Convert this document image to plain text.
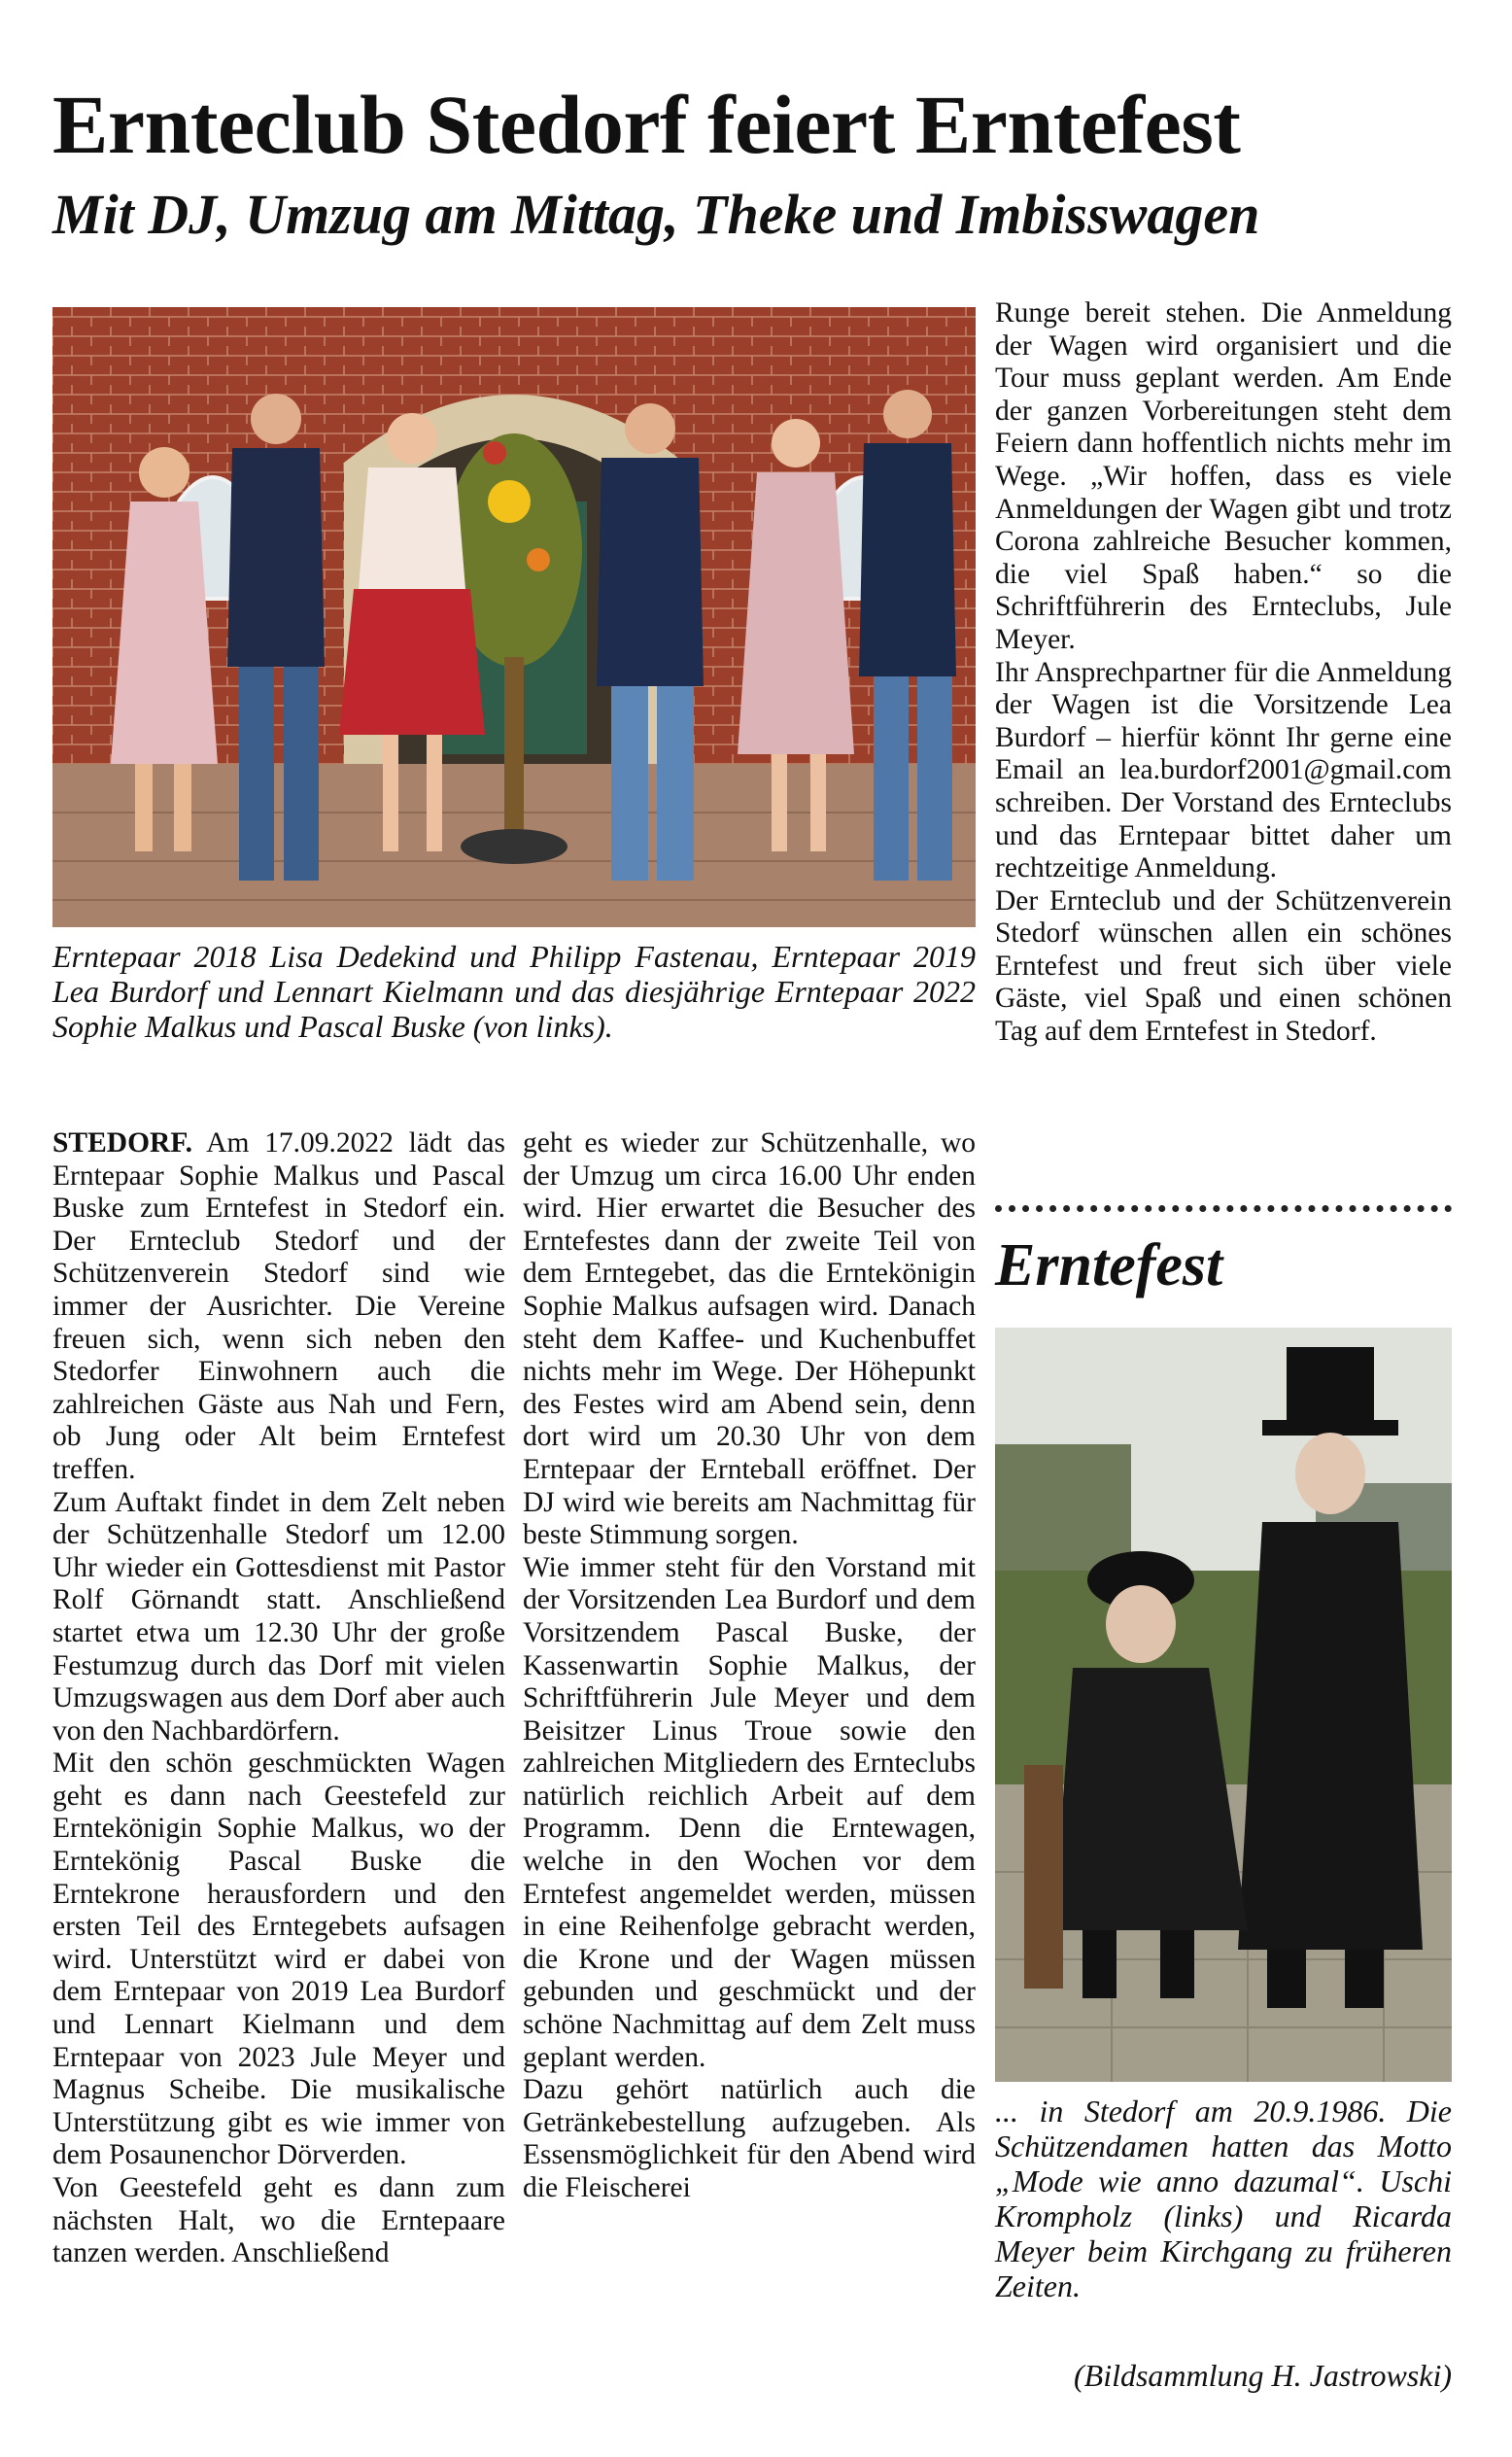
Ernteclub Stedorf feiert Erntefest
Mit DJ, Umzug am Mittag, Theke und Imbisswagen
Erntepaar 2018 Lisa Dedekind und Philipp Fastenau, Erntepaar 2019 Lea Burdorf und Lennart Kielmann und das diesjährige Erntepaar 2022 Sophie Malkus und Pascal Buske (von links).

STEDORF. Am 17.09.2022 lädt das Erntepaar Sophie Malkus und Pascal Buske zum Erntefest in Stedorf ein. Der Ernteclub Stedorf und der Schützenverein Stedorf sind wie immer der Ausrichter. Die Vereine freuen sich, wenn sich neben den Stedorfer Einwohnern auch die zahlreichen Gäste aus Nah und Fern, ob Jung oder Alt beim Erntefest treffen.

Zum Auftakt findet in dem Zelt neben der Schützenhalle Stedorf um 12.00 Uhr wieder ein Gottesdienst mit Pastor Rolf Görnandt statt. Anschließend startet etwa um 12.30 Uhr der große Festumzug durch das Dorf mit vielen Umzugswagen aus dem Dorf aber auch von den Nachbardörfern.

Mit den schön geschmückten Wagen geht es dann nach Geestefeld zur Erntekönigin Sophie Malkus, wo der Erntekönig Pascal Buske die Erntekrone herausfordern und den ersten Teil des Erntegebets aufsagen wird. Unterstützt wird er dabei von dem Erntepaar von 2019 Lea Burdorf und Lennart Kielmann und dem Erntepaar von 2023 Jule Meyer und Magnus Scheibe. Die musikalische Unterstützung gibt es wie immer von dem Posaunenchor Dörverden.

Von Geestefeld geht es dann zum nächsten Halt, wo die Erntepaare tanzen werden. Anschließend

geht es wieder zur Schützenhalle, wo der Umzug um circa 16.00 Uhr enden wird. Hier erwartet die Besucher des Erntefestes dann der zweite Teil von dem Erntegebet, das die Erntekönigin Sophie Malkus aufsagen wird. Danach steht dem Kaffee- und Kuchenbuffet nichts mehr im Wege. Der Höhepunkt des Festes wird am Abend sein, denn dort wird um 20.30 Uhr von dem Erntepaar der Ernteball eröffnet. Der DJ wird wie bereits am Nachmittag für beste Stimmung sorgen.

Wie immer steht für den Vorstand mit der Vorsitzenden Lea Burdorf und dem Vorsitzendem Pascal Buske, der Kassenwartin Sophie Malkus, der Schriftführerin Jule Meyer und dem Beisitzer Linus Troue sowie den zahlreichen Mitgliedern des Ernteclubs natürlich reichlich Arbeit auf dem Programm. Denn die Erntewagen, welche in den Wochen vor dem Erntefest angemeldet werden, müssen in eine Reihenfolge gebracht werden, die Krone und der Wagen müssen gebunden und geschmückt und der schöne Nachmittag auf dem Zelt muss geplant werden.

Dazu gehört natürlich auch die Getränkebestellung aufzugeben. Als Essensmöglichkeit für den Abend wird die Fleischerei

Runge bereit stehen. Die Anmeldung der Wagen wird organisiert und die Tour muss geplant werden. Am Ende der ganzen Vorbereitungen steht dem Feiern dann hoffentlich nichts mehr im Wege. „Wir hoffen, dass es viele Anmeldungen der Wagen gibt und trotz Corona zahlreiche Besucher kommen, die viel Spaß haben.“ so die Schriftführerin des Ernteclubs, Jule Meyer.

Ihr Ansprechpartner für die Anmeldung der Wagen ist die Vorsitzende Lea Burdorf – hierfür könnt Ihr gerne eine Email an lea.burdorf2001@gmail.com schreiben. Der Vorstand des Ernteclubs und das Erntepaar bittet daher um rechtzeitige Anmeldung.

Der Ernteclub und der Schützenverein Stedorf wünschen allen ein schönes Erntefest und freut sich über viele Gäste, viel Spaß und einen schönen Tag auf dem Erntefest in Stedorf.

Erntefest
... in Stedorf am 20.9.1986. Die Schützendamen hatten das Motto „Mode wie anno dazumal“. Uschi Krompholz (links) und Ricarda Meyer beim Kirchgang zu früheren Zeiten.
(Bildsammlung H. Jastrowski)
